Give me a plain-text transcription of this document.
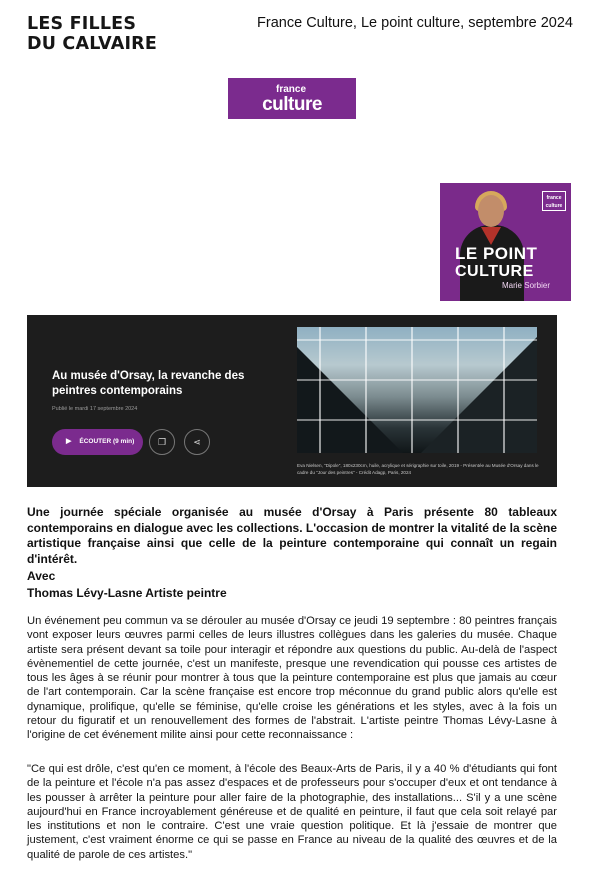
LES FILLES
DU CALVAIRE
France Culture, Le point culture, septembre 2024
france
culture
france
culture
LE POINT
CULTURE
Marie Sorbier
Au musée d'Orsay, la revanche des peintres contemporains
Publié le mardi 17 septembre 2024
▶ ÉCOUTER (9 min)	❐	⋖
Eva Nielsen, "Dipole", 180x230cm, huile, acrylique et sérigraphie sur toile, 2019 - Présentée au Musée d'Orsay dans le cadre du "Jour des peintres" - Crédit Adagp, Paris, 2024
Une journée spéciale organisée au musée d'Orsay à Paris présente 80 tableaux contemporains en dialogue avec les collections. L'occasion de montrer la vitalité de la scène artistique française ainsi que celle de la peinture contemporaine qui connaît un regain d'intérêt.
Avec
Thomas Lévy-Lasne Artiste peintre
Un événement peu commun va se dérouler au musée d'Orsay ce jeudi 19 septembre : 80 peintres français vont exposer leurs œuvres parmi celles de leurs illustres collègues dans les galeries du musée. Chaque artiste sera présent devant sa toile pour interagir et répondre aux questions du public. Au-delà de l'aspect évènementiel de cette journée, c'est un manifeste, presque une revendication qui pousse ces artistes de tous les âges à se réunir pour montrer à tous que la peinture contemporaine est plus que jamais au cœur de l'art contemporain. Car la scène française est encore trop méconnue du grand public alors qu'elle est dynamique, prolifique, qu'elle se féminise, qu'elle croise les générations et les styles, avec à la fois un retour du figuratif et un renouvellement des formes de l'abstrait. L'artiste peintre Thomas Lévy-Lasne à l'origine de cet événement milite ainsi pour cette reconnaissance :
"Ce qui est drôle, c'est qu'en ce moment, à l'école des Beaux-Arts de Paris, il y a 40 % d'étudiants qui font de la peinture et l'école n'a pas assez d'espaces et de professeurs pour s'occuper d'eux et ont tendance à les pousser à arrêter la peinture pour aller faire de la photographie, des installations... S'il y a une scène aujourd'hui en France incroyablement généreuse et de qualité en peinture, il faut que cela soit relayé par les institutions et non le contraire. C'est une vraie question politique. Et là j'essaie de montrer que justement, c'est vraiment énorme ce qui se passe en France au niveau de la qualité des œuvres et de la qualité de parole de ces artistes."
